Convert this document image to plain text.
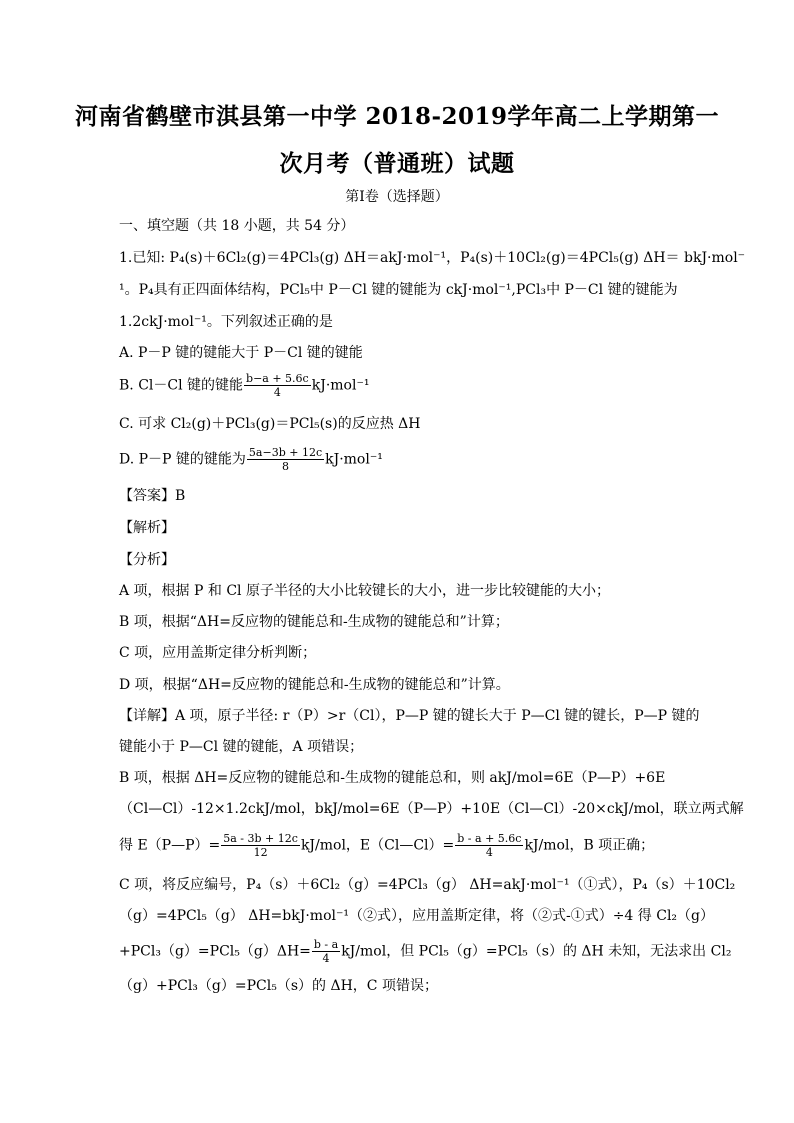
河南省鹤壁市淇县第一中学 2018-2019学年高二上学期第一
次月考（普通班）试题
第Ⅰ卷（选择题）
一、填空题（共 18 小题，共 54 分）
1.已知: P₄(s)＋6Cl₂(g)＝4PCl₃(g) ΔH＝akJ·mol⁻¹，P₄(s)＋10Cl₂(g)＝4PCl₅(g) ΔH＝ bkJ·mol⁻
¹。P₄具有正四面体结构，PCl₅中 P－Cl 键的键能为 ckJ·mol⁻¹,PCl₃中 P－Cl 键的键能为
1.2ckJ·mol⁻¹。下列叙述正确的是
A. P－P 键的键能大于 P－Cl 键的键能
B. Cl－Cl 键的键能 $\frac{b-a + 5.6c}{4} kJ\cdot mol^{-1}$
C. 可求 Cl₂(g)＋PCl₃(g)＝PCl₅(s)的反应热 ΔH
D. P－P 键的键能为 $\frac{5a-3b + 12c}{8} kJ\cdot mol^{-1}$
【答案】B
【解析】
【分析】
A 项，根据 P 和 Cl 原子半径的大小比较键长的大小，进一步比较键能的大小；
B 项，根据“ΔH=反应物的键能总和-生成物的键能总和”计算；
C 项，应用盖斯定律分析判断；
D 项，根据“ΔH=反应物的键能总和-生成物的键能总和”计算。
【详解】A 项，原子半径: r（P）>r（Cl），P—P 键的键长大于 P—Cl 键的键长，P—P 键的
键能小于 P—Cl 键的键能，A 项错误；
B 项，根据 ΔH=反应物的键能总和-生成物的键能总和，则 akJ/mol=6E（P—P）+6E
（Cl—Cl）-12×1.2ckJ/mol，bkJ/mol=6E（P—P）+10E（Cl—Cl）-20×ckJ/mol，联立两式解
得 E（P—P）= $\frac{5a - 3b + 12c}{12} kJ/mol$，E（Cl—Cl）= $\frac{b - a + 5.6c}{4} kJ/mol$，B 项正确；
C 项，将反应编号，P₄（s）＋6Cl₂（g）=4PCl₃（g） ΔH=akJ·mol⁻¹（①式），P₄（s）＋10Cl₂
（g）=4PCl₅（g） ΔH=bkJ·mol⁻¹（②式），应用盖斯定律，将（②式-①式）÷4 得 Cl₂（g）
$+PCl_3(g)=PCl_5(g)\Delta H= \frac{b - a}{4} kJ/mol$，但 PCl₅（g）=PCl₅（s）的 ΔH 未知，无法求出 Cl₂
（g）+PCl₃（g）=PCl₅（s）的 ΔH，C 项错误；
